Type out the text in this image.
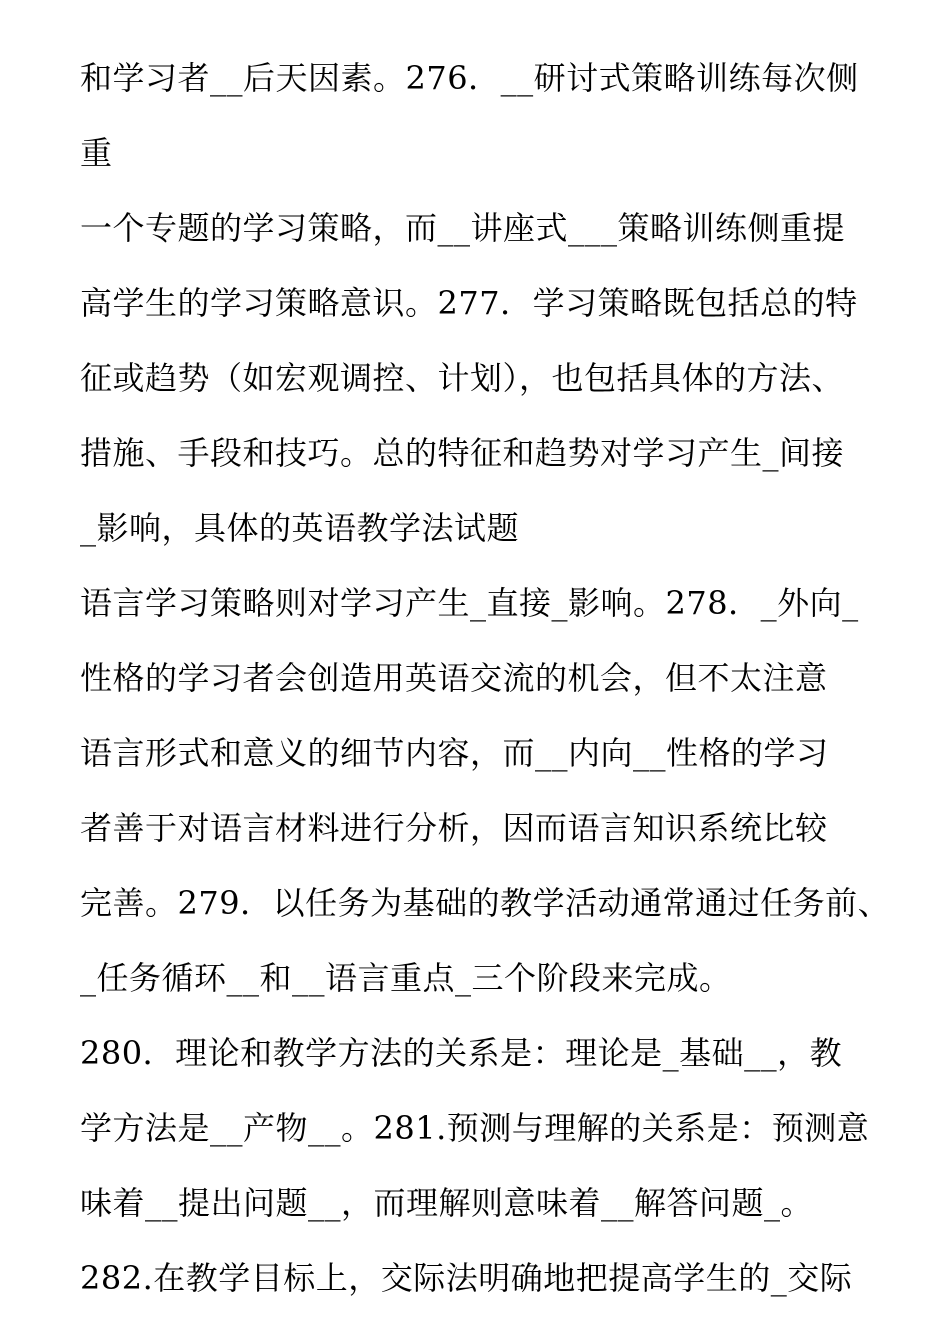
和学习者__后天因素。276．__研讨式策略训练每次侧
重
一个专题的学习策略，而__讲座式___策略训练侧重提
高学生的学习策略意识。277．学习策略既包括总的特
征或趋势（如宏观调控、计划），也包括具体的方法、
措施、手段和技巧。总的特征和趋势对学习产生_间接
_影响，具体的英语教学法试题
语言学习策略则对学习产生_直接_影响。278．_外向_
性格的学习者会创造用英语交流的机会，但不太注意
语言形式和意义的细节内容，而__内向__性格的学习
者善于对语言材料进行分析，因而语言知识系统比较
完善。279．以任务为基础的教学活动通常通过任务前、
_任务循环__和__语言重点_三个阶段来完成。
280．理论和教学方法的关系是：理论是_基础__，教
学方法是__产物__。281.预测与理解的关系是：预测意
味着__提出问题__，而理解则意味着__解答问题_。
282.在教学目标上，交际法明确地把提高学生的_交际
